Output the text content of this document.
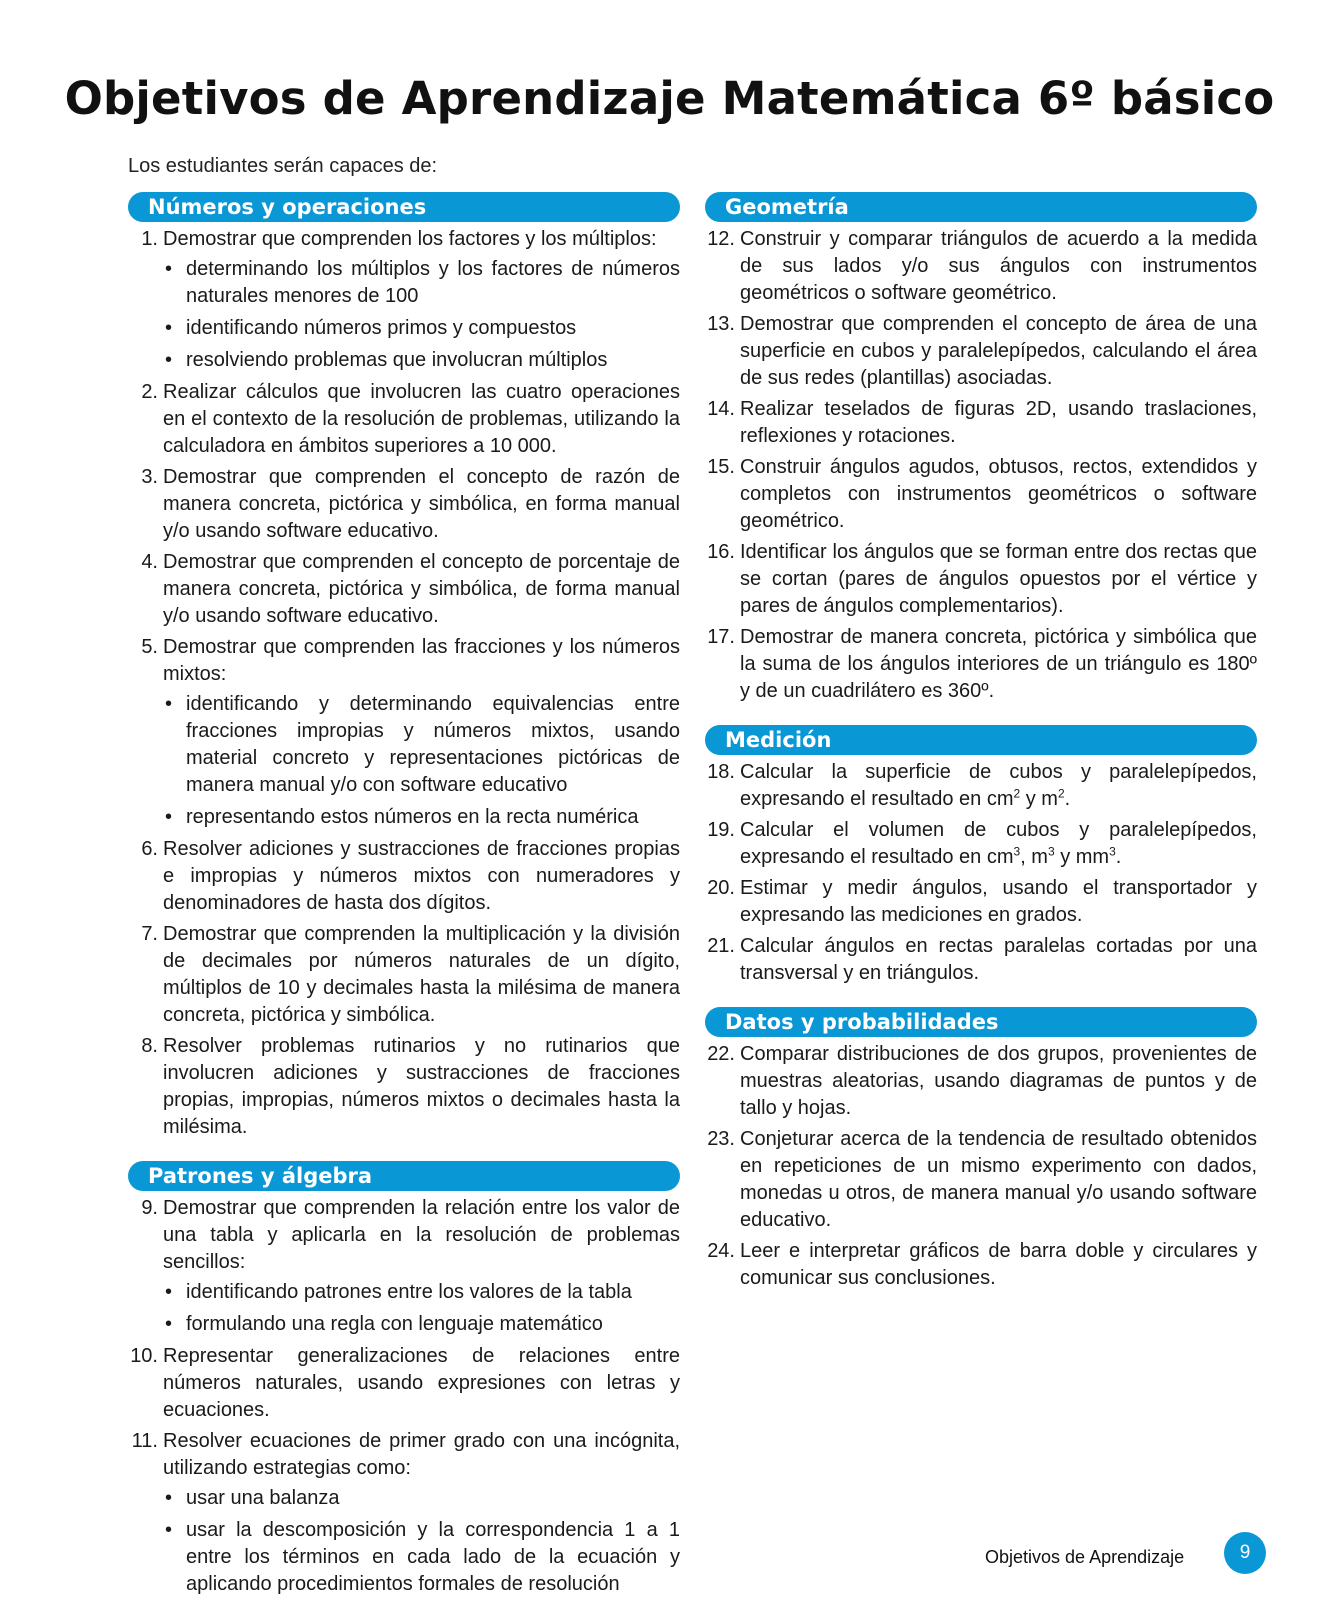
Objetivos de Aprendizaje Matemática 6º básico
Los estudiantes serán capaces de:
Números y operaciones
1. Demostrar que comprenden los factores y los múltiplos:
• determinando los múltiplos y los factores de números naturales menores de 100
• identificando números primos y compuestos
• resolviendo problemas que involucran múltiplos
2. Realizar cálculos que involucren las cuatro operaciones en el contexto de la resolución de problemas, utilizando la calculadora en ámbitos superiores a 10 000.
3. Demostrar que comprenden el concepto de razón de manera concreta, pictórica y simbólica, en forma manual y/o usando software educativo.
4. Demostrar que comprenden el concepto de porcentaje de manera concreta, pictórica y simbólica, de forma manual y/o usando software educativo.
5. Demostrar que comprenden las fracciones y los números mixtos:
• identificando y determinando equivalencias entre fracciones impropias y números mixtos, usando material concreto y representaciones pictóricas de manera manual y/o con software educativo
• representando estos números en la recta numérica
6. Resolver adiciones y sustracciones de fracciones propias e impropias y números mixtos con numeradores y denominadores de hasta dos dígitos.
7. Demostrar que comprenden la multiplicación y la división de decimales por números naturales de un dígito, múltiplos de 10 y decimales hasta la milésima de manera concreta, pictórica y simbólica.
8. Resolver problemas rutinarios y no rutinarios que involucren adiciones y sustracciones de fracciones propias, impropias, números mixtos o decimales hasta la milésima.
Patrones y álgebra
9. Demostrar que comprenden la relación entre los valor de una tabla y aplicarla en la resolución de problemas sencillos:
• identificando patrones entre los valores de la tabla
• formulando una regla con lenguaje matemático
10. Representar generalizaciones de relaciones entre números naturales, usando expresiones con letras y ecuaciones.
11. Resolver ecuaciones de primer grado con una incógnita, utilizando estrategias como:
• usar una balanza
• usar la descomposición y la correspondencia 1 a 1 entre los términos en cada lado de la ecuación y aplicando procedimientos formales de resolución
Geometría
12. Construir y comparar triángulos de acuerdo a la medida de sus lados y/o sus ángulos con instrumentos geométricos o software geométrico.
13. Demostrar que comprenden el concepto de área de una superficie en cubos y paralelepípedos, calculando el área de sus redes (plantillas) asociadas.
14. Realizar teselados de figuras 2D, usando traslaciones, reflexiones y rotaciones.
15. Construir ángulos agudos, obtusos, rectos, extendidos y completos con instrumentos geométricos o software geométrico.
16. Identificar los ángulos que se forman entre dos rectas que se cortan (pares de ángulos opuestos por el vértice y pares de ángulos complementarios).
17. Demostrar de manera concreta, pictórica y simbólica que la suma de los ángulos interiores de un triángulo es 180º y de un cuadrilátero es 360º.
Medición
18. Calcular la superficie de cubos y paralelepípedos, expresando el resultado en $cm^2$ y $m^2$.
19. Calcular el volumen de cubos y paralelepípedos, expresando el resultado en $cm^3$, $m^3$ y $mm^3$.
20. Estimar y medir ángulos, usando el transportador y expresando las mediciones en grados.
21. Calcular ángulos en rectas paralelas cortadas por una transversal y en triángulos.
Datos y probabilidades
22. Comparar distribuciones de dos grupos, provenientes de muestras aleatorias, usando diagramas de puntos y de tallo y hojas.
23. Conjeturar acerca de la tendencia de resultado obtenidos en repeticiones de un mismo experimento con dados, monedas u otros, de manera manual y/o usando software educativo.
24. Leer e interpretar gráficos de barra doble y circulares y comunicar sus conclusiones.
Objetivos de Aprendizaje	9
